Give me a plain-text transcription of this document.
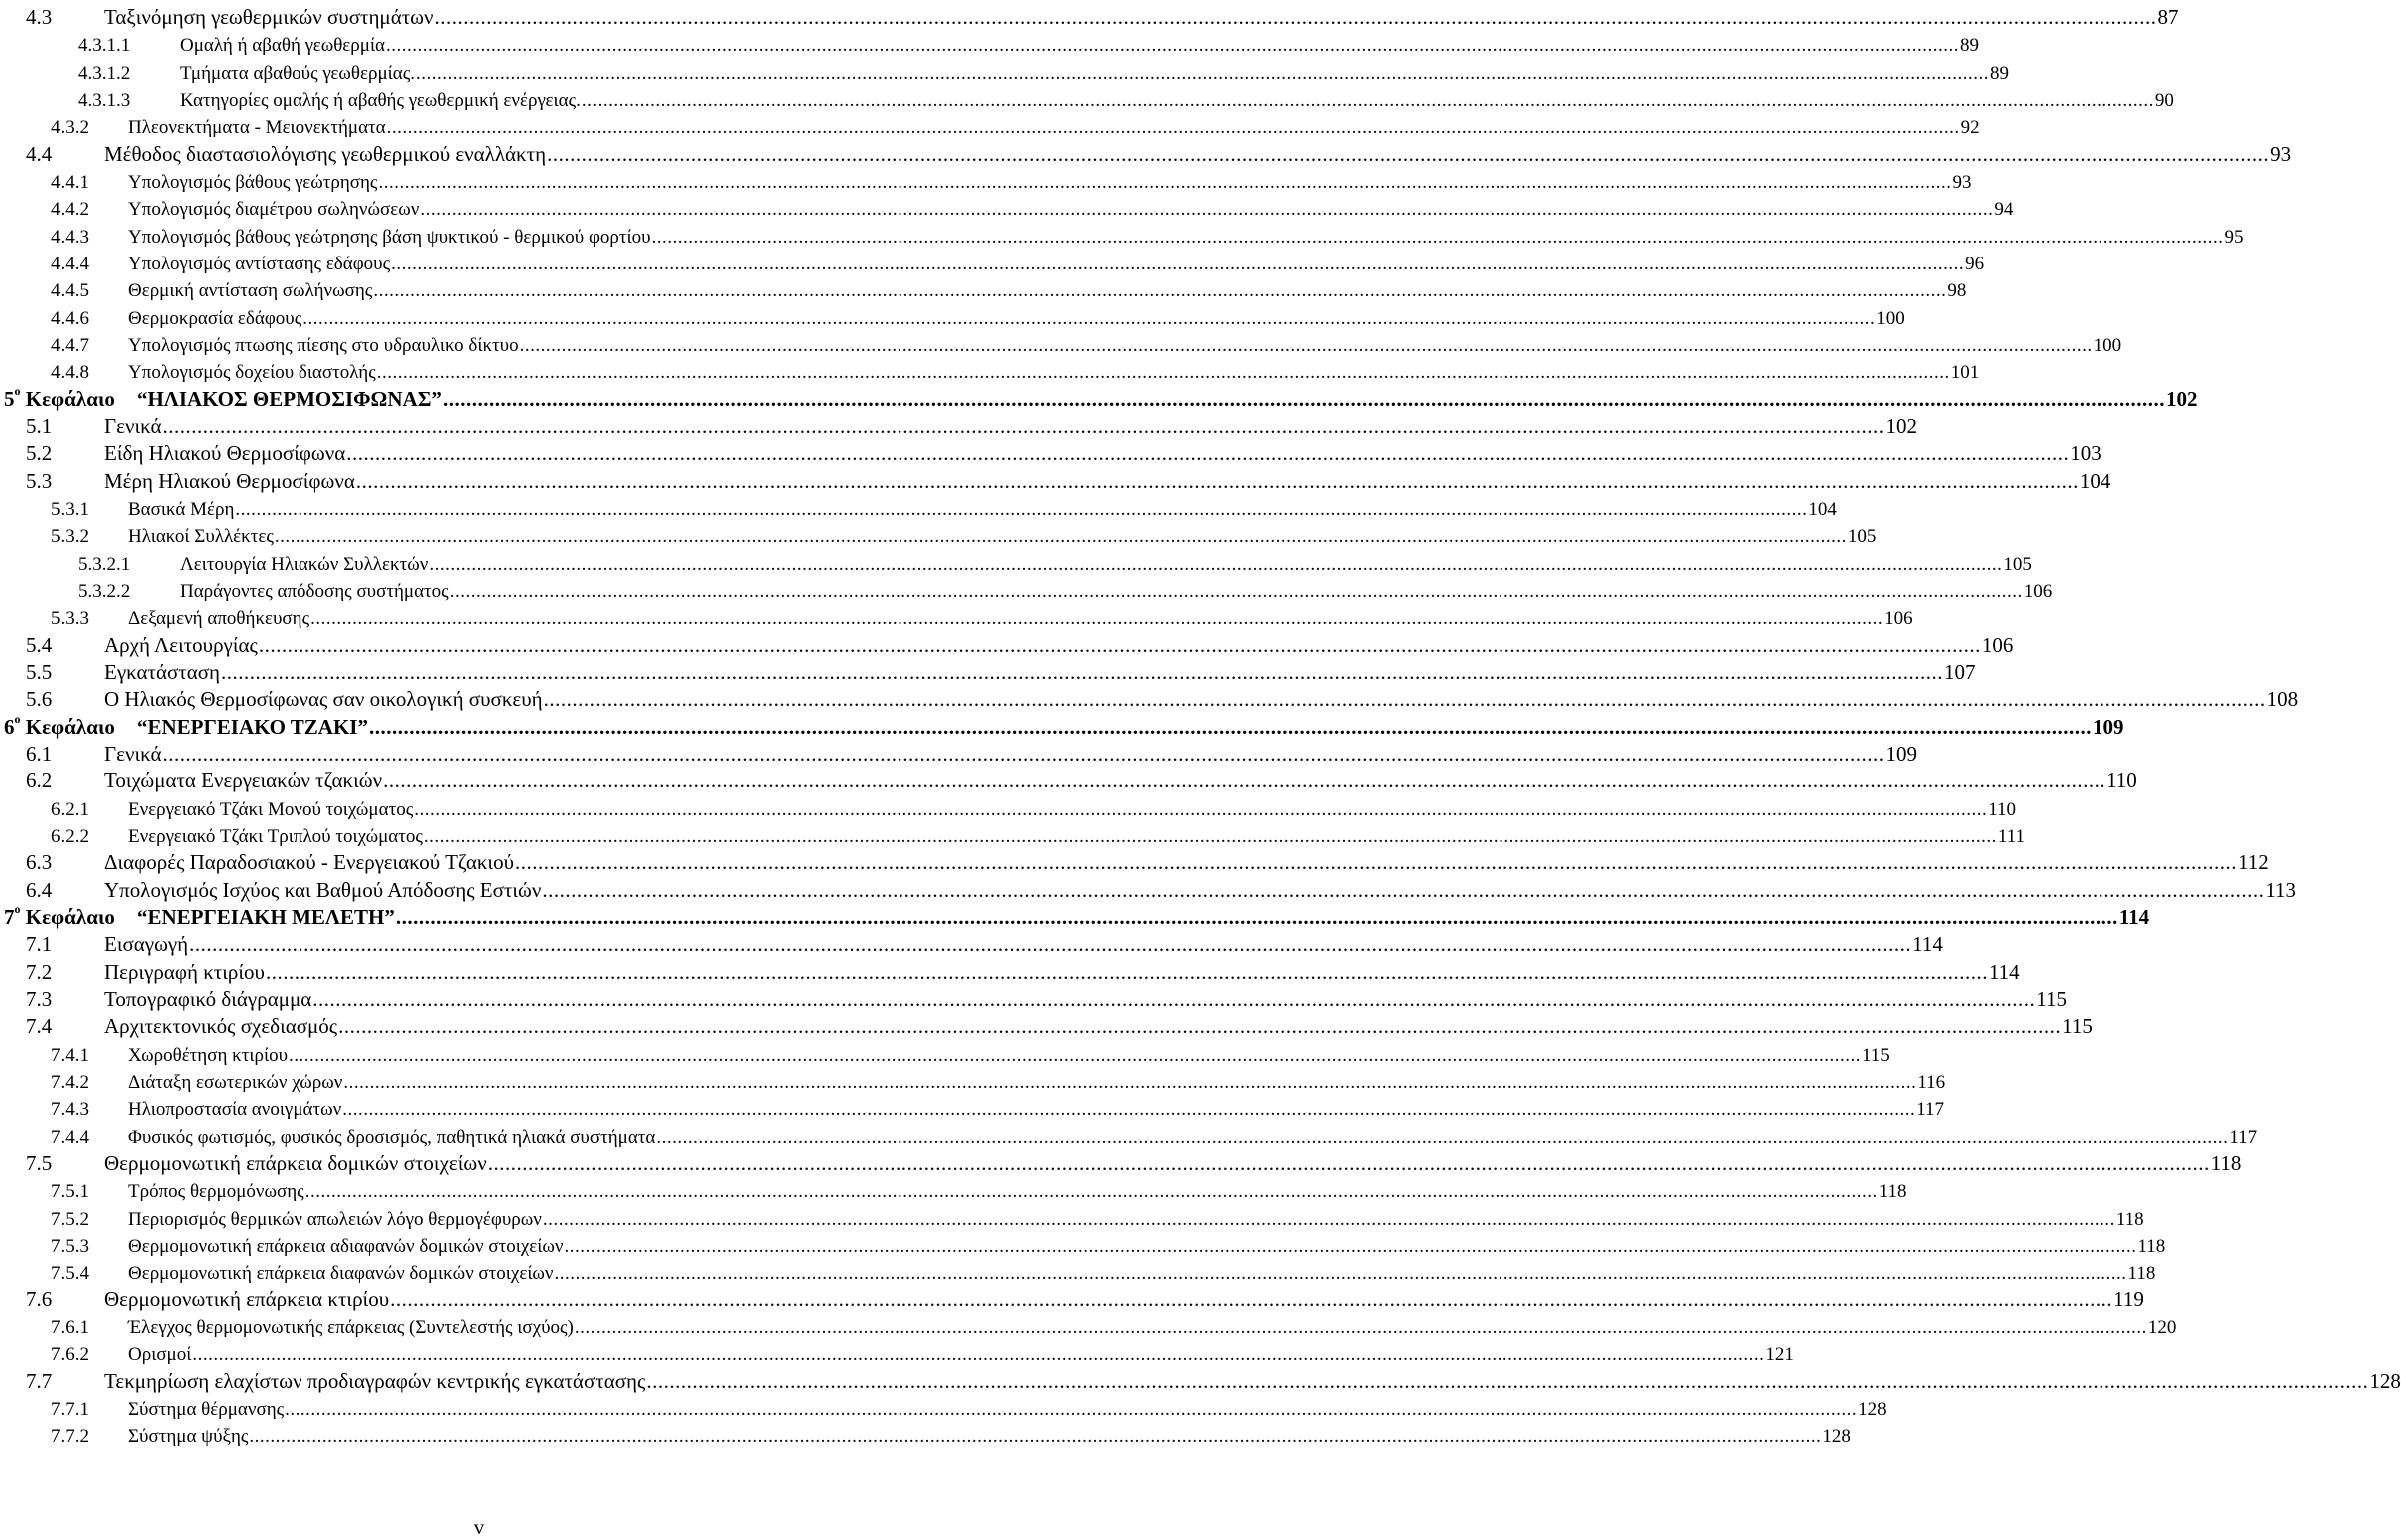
4.3 Ταξινόμηση γεωθερμικών συστημάτων ............................................................................................................................................................................................................................................................................................................ 87
4.3.1.1	Ομαλή ή αβαθή γεωθερμία ............................................................................................................................................................................................................................................................................................................ 89
4.3.1.2	Τμήματα αβαθούς γεωθερμίας. ............................................................................................................................................................................................................................................................................................................ 89
4.3.1.3	Κατηγορίες ομαλής ή αβαθής γεωθερμική ενέργειας. ............................................................................................................................................................................................................................................................................................................ 90
4.3.2 Πλεονεκτήματα - Μειονεκτήματα ............................................................................................................................................................................................................................................................................................................ 92
4.4 Μέθοδος διαστασιολόγισης γεωθερμικού εναλλάκτη ............................................................................................................................................................................................................................................................................................................ 93
4.4.1 Υπολογισμός βάθους γεώτρησης ............................................................................................................................................................................................................................................................................................................ 93
4.4.2 Υπολογισμός διαμέτρου σωληνώσεων ............................................................................................................................................................................................................................................................................................................ 94
4.4.3 Υπολογισμός βάθους γεώτρησης βάση ψυκτικού - θερμικού φορτίου ............................................................................................................................................................................................................................................................................................................ 95
4.4.4 Υπολογισμός αντίστασης εδάφους ............................................................................................................................................................................................................................................................................................................ 96
4.4.5 Θερμική αντίσταση σωλήνωσης ............................................................................................................................................................................................................................................................................................................ 98
4.4.6 Θερμοκρασία εδάφους ............................................................................................................................................................................................................................................................................................................ 100
4.4.7 Υπολογισμός πτωσης πίεσης στο υδραυλικο δίκτυο ............................................................................................................................................................................................................................................................................................................ 100
4.4.8 Υπολογισμός δοχείου διαστολής ............................................................................................................................................................................................................................................................................................................ 101
$5^o$ Κεφάλαιο “ΗΛΙΑΚΟΣ ΘΕΡΜΟΣΙΦΩΝΑΣ” ............................................................................................................................................................................................................................................................................................................ 102
5.1 Γενικά ............................................................................................................................................................................................................................................................................................................ 102
5.2 Είδη Ηλιακού Θερμοσίφωνα ............................................................................................................................................................................................................................................................................................................ 103
5.3 Μέρη Ηλιακού Θερμοσίφωνα ............................................................................................................................................................................................................................................................................................................ 104
5.3.1 Βασικά Μέρη ............................................................................................................................................................................................................................................................................................................ 104
5.3.2 Ηλιακοί Συλλέκτες ............................................................................................................................................................................................................................................................................................................ 105
5.3.2.1	Λειτουργία Ηλιακών Συλλεκτών ............................................................................................................................................................................................................................................................................................................ 105
5.3.2.2	Παράγοντες απόδοσης συστήματος ............................................................................................................................................................................................................................................................................................................ 106
5.3.3 Δεξαμενή αποθήκευσης ............................................................................................................................................................................................................................................................................................................ 106
5.4 Αρχή Λειτουργίας ............................................................................................................................................................................................................................................................................................................ 106
5.5 Εγκατάσταση ............................................................................................................................................................................................................................................................................................................ 107
5.6 Ο Ηλιακός Θερμοσίφωνας σαν οικολογική συσκευή ............................................................................................................................................................................................................................................................................................................ 108
$6^o$ Κεφάλαιο “ΕΝΕΡΓΕΙΑΚΟ ΤΖΑΚΙ” ............................................................................................................................................................................................................................................................................................................ 109
6.1 Γενικά ............................................................................................................................................................................................................................................................................................................ 109
6.2 Τοιχώματα Ενεργειακών τζακιών ............................................................................................................................................................................................................................................................................................................ 110
6.2.1 Ενεργειακό Τζάκι Μονού τοιχώματος ............................................................................................................................................................................................................................................................................................................ 110
6.2.2 Ενεργειακό Τζάκι Τριπλού τοιχώματος ............................................................................................................................................................................................................................................................................................................ 111
6.3 Διαφορές Παραδοσιακού - Ενεργειακού Τζακιού ............................................................................................................................................................................................................................................................................................................ 112
6.4 Υπολογισμός Ισχύος και Βαθμού Απόδοσης Εστιών ............................................................................................................................................................................................................................................................................................................ 113
$7^o$ Κεφάλαιο “ΕΝΕΡΓΕΙΑΚΗ ΜΕΛΕΤΗ” ............................................................................................................................................................................................................................................................................................................ 114
7.1 Εισαγωγή ............................................................................................................................................................................................................................................................................................................ 114
7.2 Περιγραφή κτιρίου ............................................................................................................................................................................................................................................................................................................ 114
7.3 Τοπογραφικό διάγραμμα ............................................................................................................................................................................................................................................................................................................ 115
7.4 Αρχιτεκτονικός σχεδιασμός ............................................................................................................................................................................................................................................................................................................ 115
7.4.1 Χωροθέτηση κτιρίου ............................................................................................................................................................................................................................................................................................................ 115
7.4.2 Διάταξη εσωτερικών χώρων ............................................................................................................................................................................................................................................................................................................ 116
7.4.3 Ηλιοπροστασία ανοιγμάτων ............................................................................................................................................................................................................................................................................................................ 117
7.4.4 Φυσικός φωτισμός, φυσικός δροσισμός, παθητικά ηλιακά συστήματα ............................................................................................................................................................................................................................................................................................................ 117
7.5 Θερμομονωτική επάρκεια δομικών στοιχείων ............................................................................................................................................................................................................................................................................................................ 118
7.5.1 Τρόπος θερμομόνωσης ............................................................................................................................................................................................................................................................................................................ 118
7.5.2 Περιορισμός θερμικών απωλειών λόγο θερμογέφυρων ............................................................................................................................................................................................................................................................................................................ 118
7.5.3 Θερμομονωτική επάρκεια αδιαφανών δομικών στοιχείων ............................................................................................................................................................................................................................................................................................................ 118
7.5.4 Θερμομονωτική επάρκεια διαφανών δομικών στοιχείων ............................................................................................................................................................................................................................................................................................................ 118
7.6 Θερμομονωτική επάρκεια κτιρίου ............................................................................................................................................................................................................................................................................................................ 119
7.6.1 Έλεγχος θερμομονωτικής επάρκειας (Συντελεστής ισχύος) ............................................................................................................................................................................................................................................................................................................ 120
7.6.2 Ορισμοί ............................................................................................................................................................................................................................................................................................................ 121
7.7 Τεκμηρίωση ελαχίστων προδιαγραφών κεντρικής εγκατάστασης ............................................................................................................................................................................................................................................................................................................ 128
7.7.1 Σύστημα θέρμανσης ............................................................................................................................................................................................................................................................................................................ 128
7.7.2 Σύστημα ψύξης ............................................................................................................................................................................................................................................................................................................ 128
v
